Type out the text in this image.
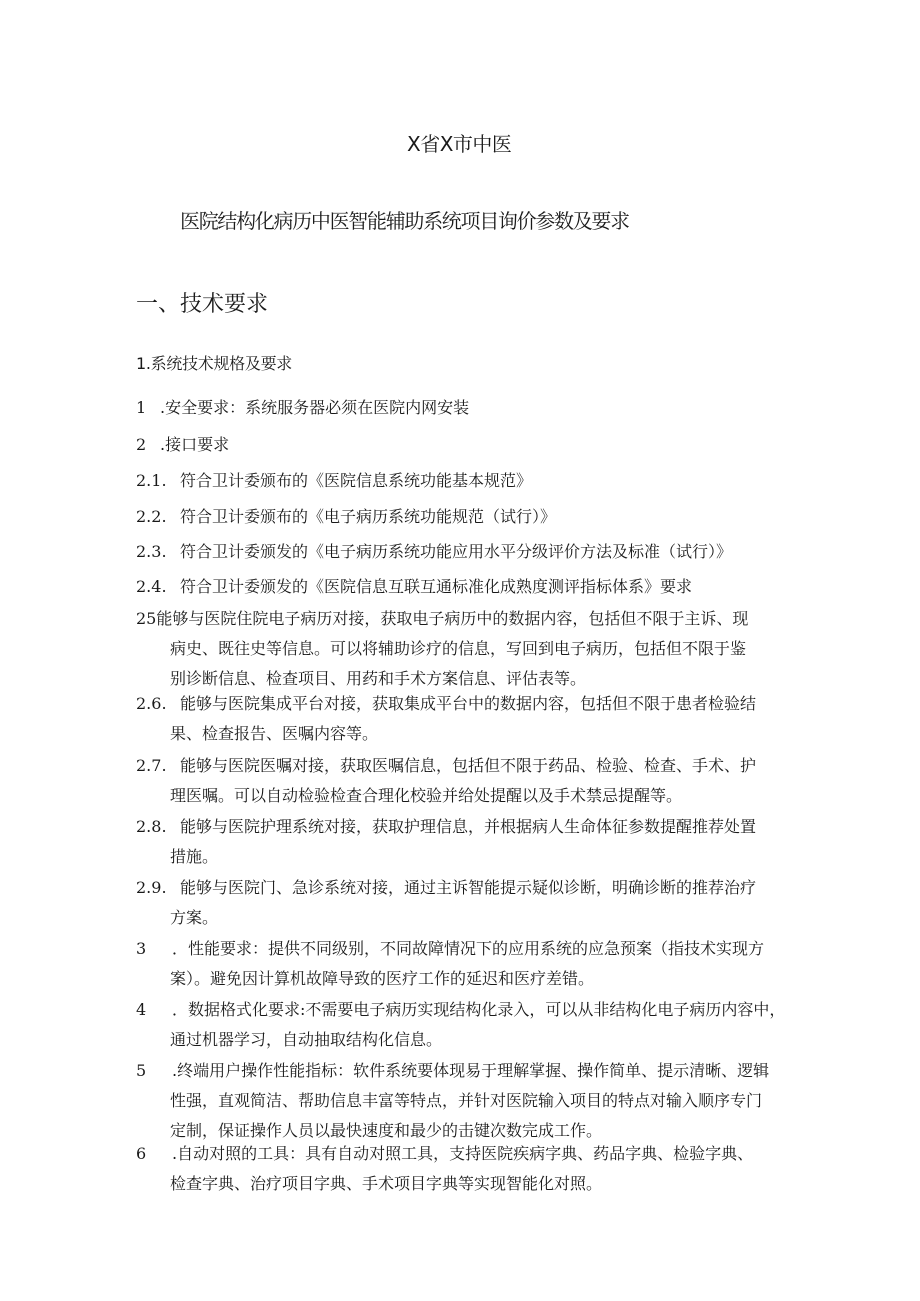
X省X市中医
医院结构化病历中医智能辅助系统项目询价参数及要求
一、技术要求
1.系统技术规格及要求
1 .安全要求：系统服务器必须在医院内网安装
2 .接口要求
2.1. 符合卫计委颁布的《医院信息系统功能基本规范》
2.2. 符合卫计委颁布的《电子病历系统功能规范（试行）》
2.3. 符合卫计委颁发的《电子病历系统功能应用水平分级评价方法及标准（试行）》
2.4. 符合卫计委颁发的《医院信息互联互通标准化成熟度测评指标体系》要求
25能够与医院住院电子病历对接，获取电子病历中的数据内容，包括但不限于主诉、现
病史、既往史等信息。可以将辅助诊疗的信息，写回到电子病历，包括但不限于鉴
别诊断信息、检查项目、用药和手术方案信息、评估表等。
2.6. 能够与医院集成平台对接，获取集成平台中的数据内容，包括但不限于患者检验结
果、检查报告、医嘱内容等。
2.7. 能够与医院医嘱对接，获取医嘱信息，包括但不限于药品、检验、检查、手术、护
理医嘱。可以自动检验检查合理化校验并给处提醒以及手术禁忌提醒等。
2.8. 能够与医院护理系统对接，获取护理信息，并根据病人生命体征参数提醒推荐处置
措施。
2.9. 能够与医院门、急诊系统对接，通过主诉智能提示疑似诊断，明确诊断的推荐治疗
方案。
3 ．性能要求：提供不同级别，不同故障情况下的应用系统的应急预案（指技术实现方
案）。避免因计算机故障导致的医疗工作的延迟和医疗差错。
4 ．数据格式化要求:不需要电子病历实现结构化录入，可以从非结构化电子病历内容中，
通过机器学习，自动抽取结构化信息。
5 .终端用户操作性能指标：软件系统要体现易于理解掌握、操作简单、提示清晰、逻辑
性强，直观简洁、帮助信息丰富等特点，并针对医院输入项目的特点对输入顺序专门
定制，保证操作人员以最快速度和最少的击键次数完成工作。
6 .自动对照的工具：具有自动对照工具，支持医院疾病字典、药品字典、检验字典、
检查字典、治疗项目字典、手术项目字典等实现智能化对照。
